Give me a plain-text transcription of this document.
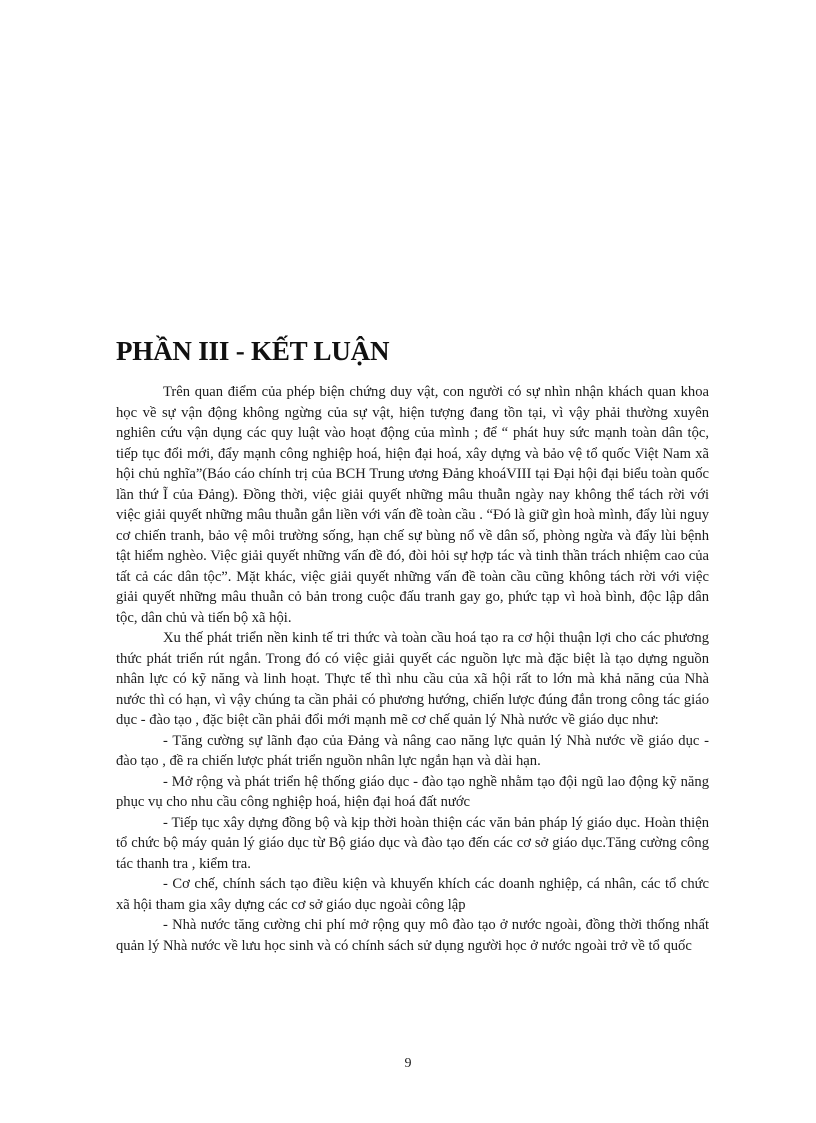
PHẦN III - KẾT LUẬN

Trên quan điểm của phép biện chứng duy vật, con người có sự nhìn nhận khách quan khoa học về sự vận động không ngừng của sự vật, hiện tượng đang tồn tại, vì vậy phải thường xuyên nghiên cứu vận dụng các quy luật vào hoạt động của mình ; để “ phát huy sức mạnh toàn dân tộc, tiếp tục đổi mới, đẩy mạnh công nghiệp hoá, hiện đại hoá, xây dựng và bảo vệ tổ quốc Việt Nam xã hội chủ nghĩa”(Báo cáo chính trị của BCH Trung ương Đảng khoáVIII tại Đại hội đại biểu toàn quốc lần thứ Ĩ của Đảng). Đồng thời, việc giải quyết những mâu thuẫn ngày nay không thể tách rời với việc giải quyết những mâu thuẫn gắn liền với vấn đề toàn cầu . “Đó là giữ gìn hoà mình, đẩy lùi nguy cơ chiến tranh, bảo vệ môi trường sống, hạn chế sự bùng nổ về dân số, phòng ngừa và đẩy lùi bệnh tật hiểm nghèo. Việc giải quyết những vấn đề đó, đòi hỏi sự hợp tác và tinh thần trách nhiệm cao của tất cả các dân tộc”. Mặt khác, việc giải quyết những vấn đề toàn cầu cũng không tách rời với việc giải quyết những mâu thuẫn cỏ bản trong cuộc đấu tranh gay go, phức tạp vì hoà bình, độc lập dân tộc, dân chủ và tiến bộ xã hội.

Xu thế phát triển nền kinh tế tri thức và toàn cầu hoá tạo ra cơ hội thuận lợi cho các phương thức phát triển rút ngắn. Trong đó có việc giải quyết các nguồn lực mà đặc biệt là tạo dựng nguồn nhân lực có kỹ năng và linh hoạt. Thực tế thì nhu cầu của xã hội rất to lớn mà khả năng của Nhà nước thì có hạn, vì vậy chúng ta cần phải có phương hướng, chiến lược đúng đắn trong công tác giáo dục - đào tạo , đặc biệt cần phải đổi mới mạnh mẽ cơ chế quản lý Nhà nước về giáo dục như:

- Tăng cường sự lãnh đạo của Đảng và nâng cao năng lực quản lý Nhà nước về giáo dục - đào tạo , đề ra chiến lược phát triển nguồn nhân lực ngắn hạn và dài hạn.

- Mở rộng và phát triển hệ thống giáo dục - đào tạo nghề nhằm tạo đội ngũ lao động kỹ năng phục vụ cho nhu cầu công nghiệp hoá, hiện đại hoá đất nước

- Tiếp tục xây dựng đồng bộ và kịp thời hoàn thiện các văn bản pháp lý giáo dục. Hoàn thiện tổ chức bộ máy quản lý giáo dục từ Bộ giáo dục và đào tạo đến các cơ sở giáo dục.Tăng cường công tác thanh tra , kiểm tra.

- Cơ chế, chính sách tạo điều kiện và khuyến khích các doanh nghiệp, cá nhân, các tổ chức xã hội tham gia xây dựng các cơ sở giáo dục ngoài công lập

- Nhà nước tăng cường chi phí mở rộng quy mô đào tạo ở nước ngoài, đồng thời thống nhất quản lý Nhà nước về lưu học sinh và có chính sách sử dụng người học ở nước ngoài trở về tổ quốc

9
